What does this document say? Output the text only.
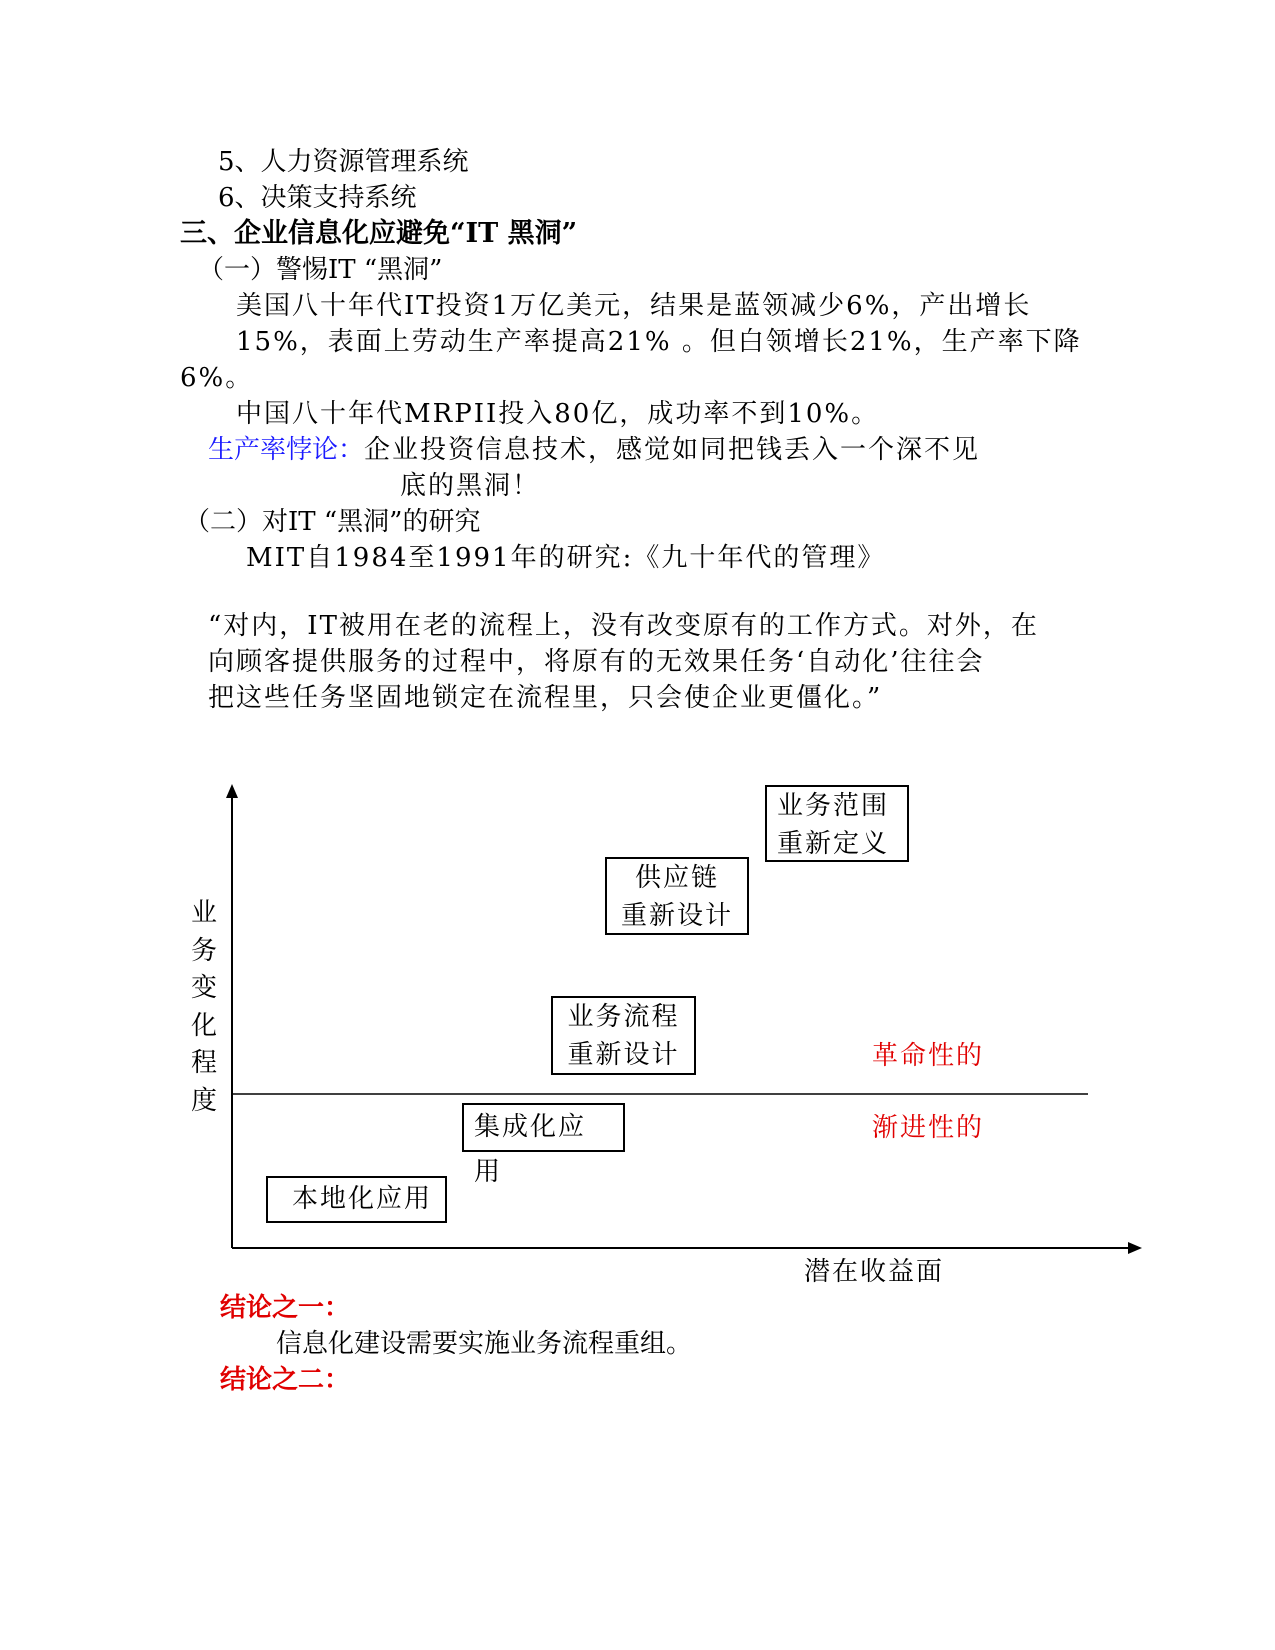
5、人力资源管理系统
6、决策支持系统
三、企业信息化应避免“IT 黑洞”
（一）警惕IT “黑洞”
美国八十年代IT投资1万亿美元，结果是蓝领减少6%，产出增长
15%，表面上劳动生产率提高21% 。但白领增长21%，生产率下降
6%。
中国八十年代MRPII投入80亿，成功率不到10%。
生产率悖论：企业投资信息技术，感觉如同把钱丢入一个深不见
底的黑洞！
（二）对IT “黑洞”的研究
MIT自1984至1991年的研究:《九十年代的管理》
“对内，IT被用在老的流程上，没有改变原有的工作方式。对外，在
向顾客提供服务的过程中，将原有的无效果任务‘自动化’往往会
把这些任务坚固地锁定在流程里，只会使企业更僵化。”
业务变化程度
潜在收益面
革命性的
渐进性的
业务范围
重新定义
供应链
重新设计
业务流程
重新设计
集成化应用
本地化应用
结论之一：
信息化建设需要实施业务流程重组。
结论之二：
